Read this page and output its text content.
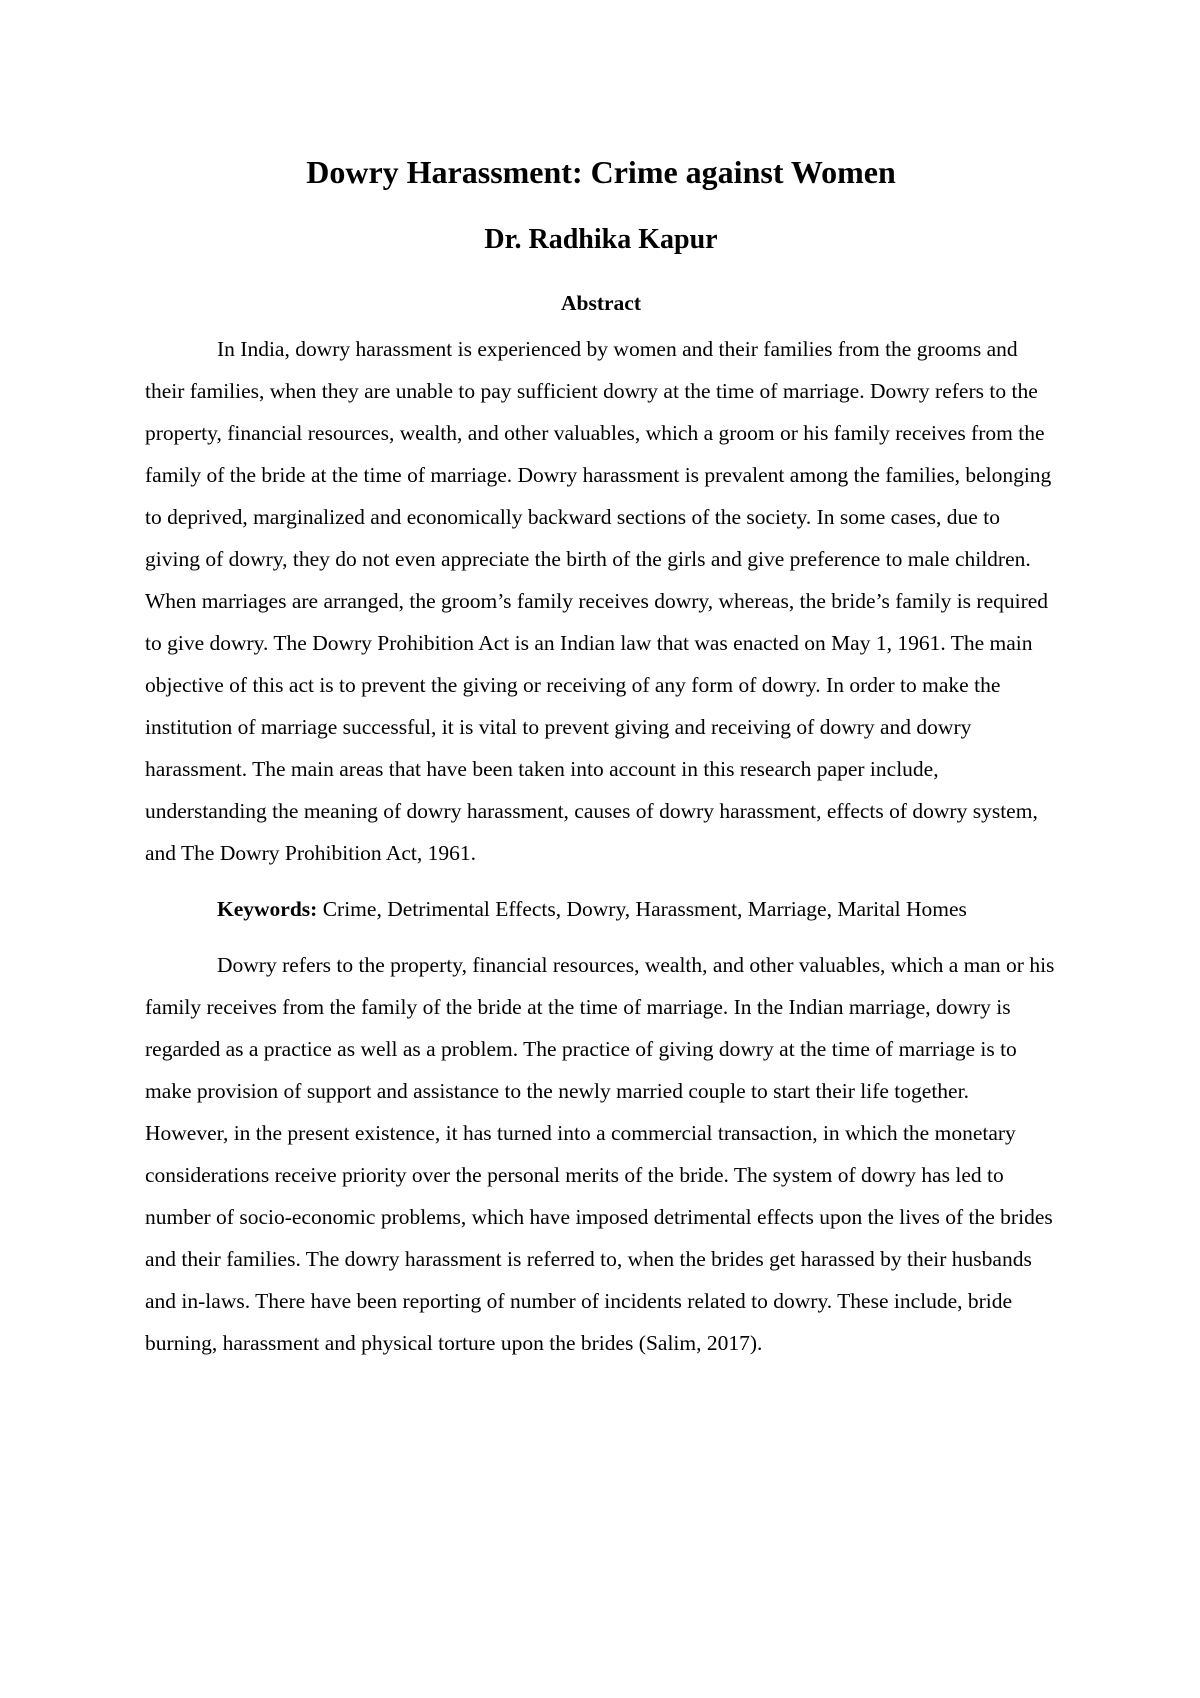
Dowry Harassment: Crime against Women
Dr. Radhika Kapur
Abstract

In India, dowry harassment is experienced by women and their families from the grooms and their families, when they are unable to pay sufficient dowry at the time of marriage. Dowry refers to the property, financial resources, wealth, and other valuables, which a groom or his family receives from the family of the bride at the time of marriage. Dowry harassment is prevalent among the families, belonging to deprived, marginalized and economically backward sections of the society. In some cases, due to giving of dowry, they do not even appreciate the birth of the girls and give preference to male children. When marriages are arranged, the groom’s family receives dowry, whereas, the bride’s family is required to give dowry. The Dowry Prohibition Act is an Indian law that was enacted on May 1, 1961. The main objective of this act is to prevent the giving or receiving of any form of dowry. In order to make the institution of marriage successful, it is vital to prevent giving and receiving of dowry and dowry harassment. The main areas that have been taken into account in this research paper include, understanding the meaning of dowry harassment, causes of dowry harassment, effects of dowry system, and The Dowry Prohibition Act, 1961.

Keywords: Crime, Detrimental Effects, Dowry, Harassment, Marriage, Marital Homes

Dowry refers to the property, financial resources, wealth, and other valuables, which a man or his family receives from the family of the bride at the time of marriage. In the Indian marriage, dowry is regarded as a practice as well as a problem. The practice of giving dowry at the time of marriage is to make provision of support and assistance to the newly married couple to start their life together. However, in the present existence, it has turned into a commercial transaction, in which the monetary considerations receive priority over the personal merits of the bride. The system of dowry has led to number of socio-economic problems, which have imposed detrimental effects upon the lives of the brides and their families. The dowry harassment is referred to, when the brides get harassed by their husbands and in-laws. There have been reporting of number of incidents related to dowry. These include, bride burning, harassment and physical torture upon the brides (Salim, 2017).
